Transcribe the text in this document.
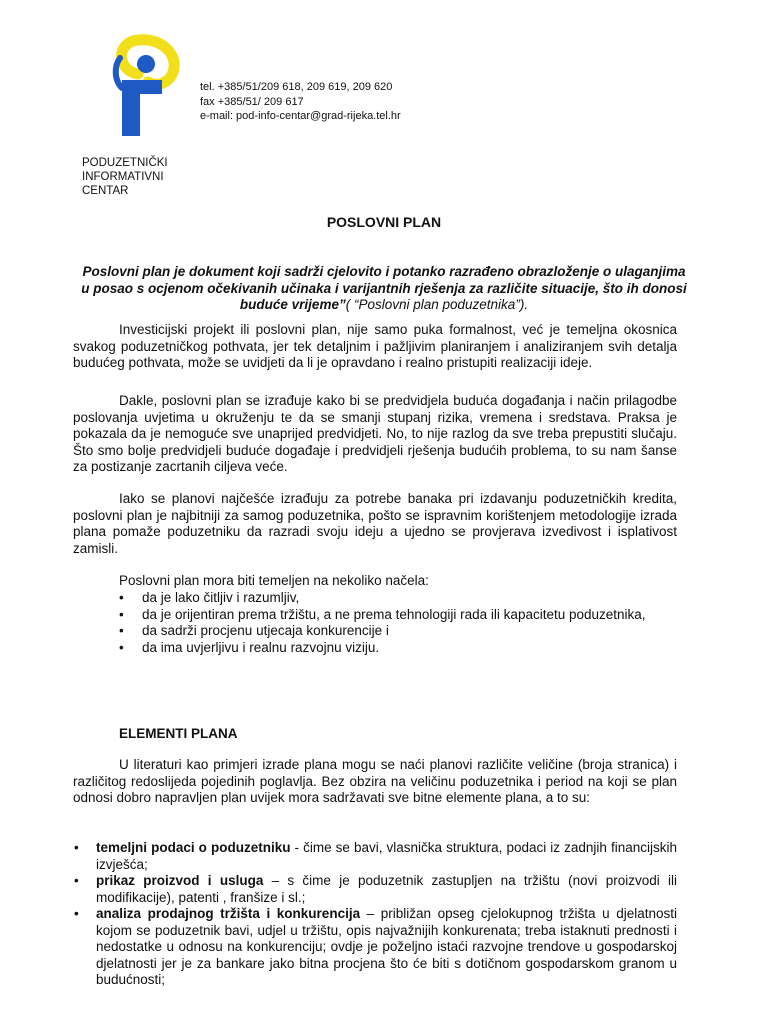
tel. +385/51/209 618, 209 619, 209 620
fax +385/51/ 209 617
e-mail: pod-info-centar@grad-rijeka.tel.hr
PODUZETNIČKI
INFORMATIVNI
CENTAR
POSLOVNI PLAN
Poslovni plan je dokument koji sadrži cjelovito i potanko razrađeno obrazloženje o ulaganjima u posao s ocjenom očekivanih učinaka i varijantnih rješenja za različite situacije, što ih donosi buduće vrijeme”( “Poslovni plan poduzetnika”).

Investicijski projekt ili poslovni plan, nije samo puka formalnost, već je temeljna okosnica svakog poduzetničkog pothvata, jer tek detaljnim i pažljivim planiranjem i analiziranjem svih detalja budućeg pothvata, može se uvidjeti da li je opravdano i realno pristupiti realizaciji ideje.

Dakle, poslovni plan se izrađuje kako bi se predvidjela buduća događanja i način prilagodbe poslovanja uvjetima u okruženju te da se smanji stupanj rizika, vremena i sredstava. Praksa je pokazala da je nemoguće sve unaprijed predvidjeti. No, to nije razlog da sve treba prepustiti slučaju. Što smo bolje predvidjeli buduće događaje i predvidjeli rješenja budućih problema, to su nam šanse za postizanje zacrtanih ciljeva veće.

Iako se planovi najčešće izrađuju za potrebe banaka pri izdavanju poduzetničkih kredita, poslovni plan je najbitniji za samog poduzetnika, pošto se ispravnim korištenjem metodologije izrada plana pomaže poduzetniku da razradi svoju ideju a ujedno se provjerava izvedivost i isplativost zamisli.

Poslovni plan mora biti temeljen na nekoliko načela:

• da je lako čitljiv i razumljiv,
• da je orijentiran prema tržištu, a ne prema tehnologiji rada ili kapacitetu poduzetnika,
• da sadrži procjenu utjecaja konkurencije i
• da ima uvjerljivu i realnu razvojnu viziju.
ELEMENTI PLANA

U literaturi kao primjeri izrade plana mogu se naći planovi različite veličine (broja stranica) i različitog redoslijeda pojedinih poglavlja. Bez obzira na veličinu poduzetnika i period na koji se plan odnosi dobro napravljen plan uvijek mora sadržavati sve bitne elemente plana, a to su:

• temeljni podaci o poduzetniku - čime se bavi, vlasnička struktura, podaci iz zadnjih financijskih izvješća;
• prikaz proizvod i usluga – s čime je poduzetnik zastupljen na tržištu (novi proizvodi ili modifikacije), patenti , franšize i sl.;
• analiza prodajnog tržišta i konkurencija – približan opseg cjelokupnog tržišta u djelatnosti kojom se poduzetnik bavi, udjel u tržištu, opis najvažnijih konkurenata; treba istaknuti prednosti i nedostatke u odnosu na konkurenciju; ovdje je poželjno istaći razvojne trendove u gospodarskoj djelatnosti jer je za bankare jako bitna procjena što će biti s dotičnom gospodarskom granom u budućnosti;
